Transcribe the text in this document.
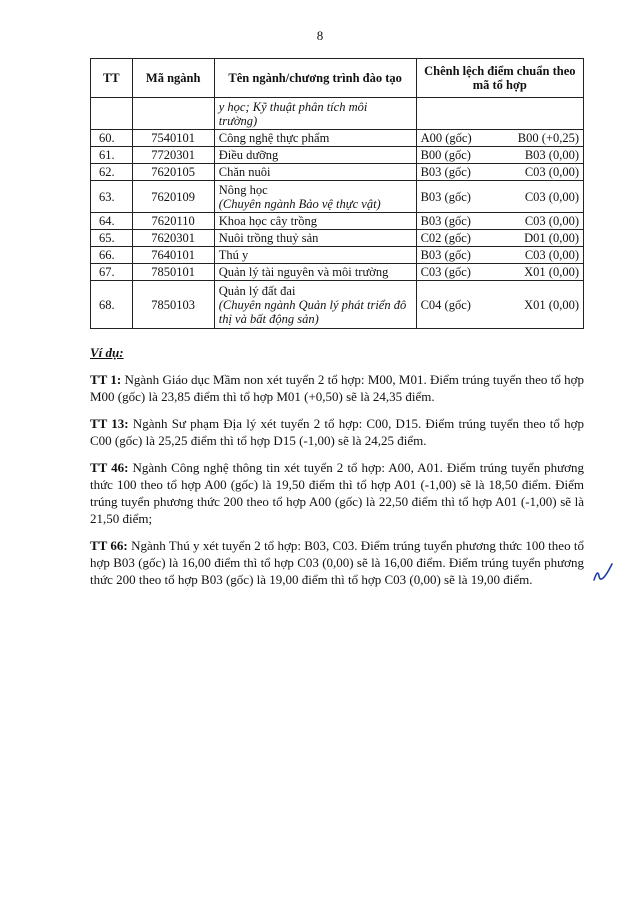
8
TT	Mã ngành	Tên ngành/chương trình đào tạo	Chênh lệch điểm chuẩn theo mã tổ hợp	
		y học; Kỹ thuật phân tích môi
trường)		
60.	7540101	Công nghệ thực phẩm	A00 (gốc)	B00 (+0,25)
61.	7720301	Điều dưỡng	B00 (gốc)	B03 (0,00)
62.	7620105	Chăn nuôi	B03 (gốc)	C03 (0,00)
63.	7620109	Nông học
(Chuyên ngành Bảo vệ thực vật)	B03 (gốc)	C03 (0,00)
64.	7620110	Khoa học cây trồng	B03 (gốc)	C03 (0,00)
65.	7620301	Nuôi trồng thuỷ sản	C02 (gốc)	D01 (0,00)
66.	7640101	Thú y	B03 (gốc)	C03 (0,00)
67.	7850101	Quản lý tài nguyên và môi trường	C03 (gốc)	X01 (0,00)
68.	7850103	Quản lý đất đai
(Chuyên ngành Quản lý phát triển đô
thị và bất động sản)	C04 (gốc)	X01 (0,00)
Ví dụ:

TT 1: Ngành Giáo dục Mầm non xét tuyển 2 tổ hợp: M00, M01. Điểm trúng tuyển theo tổ hợp M00 (gốc) là 23,85 điểm thì tổ hợp M01 (+0,50) sẽ là 24,35 điểm.

TT 13: Ngành Sư phạm Địa lý xét tuyển 2 tổ hợp: C00, D15. Điểm trúng tuyển theo tổ hợp C00 (gốc) là 25,25 điểm thì tổ hợp D15 (-1,00) sẽ là 24,25 điểm.

TT 46: Ngành Công nghệ thông tin xét tuyển 2 tổ hợp: A00, A01. Điểm trúng tuyển phương thức 100 theo tổ hợp A00 (gốc) là 19,50 điểm thì tổ hợp A01 (-1,00) sẽ là 18,50 điểm. Điểm trúng tuyển phương thức 200 theo tổ hợp A00 (gốc) là 22,50 điểm thì tổ hợp A01 (-1,00) sẽ là 21,50 điểm;

TT 66: Ngành Thú y xét tuyển 2 tổ hợp: B03, C03. Điểm trúng tuyển phương thức 100 theo tổ hợp B03 (gốc) là 16,00 điểm thì tổ hợp C03 (0,00) sẽ là 16,00 điểm. Điểm trúng tuyển phương thức 200 theo tổ hợp B03 (gốc) là 19,00 điểm thì tổ hợp C03 (0,00) sẽ là 19,00 điểm.
